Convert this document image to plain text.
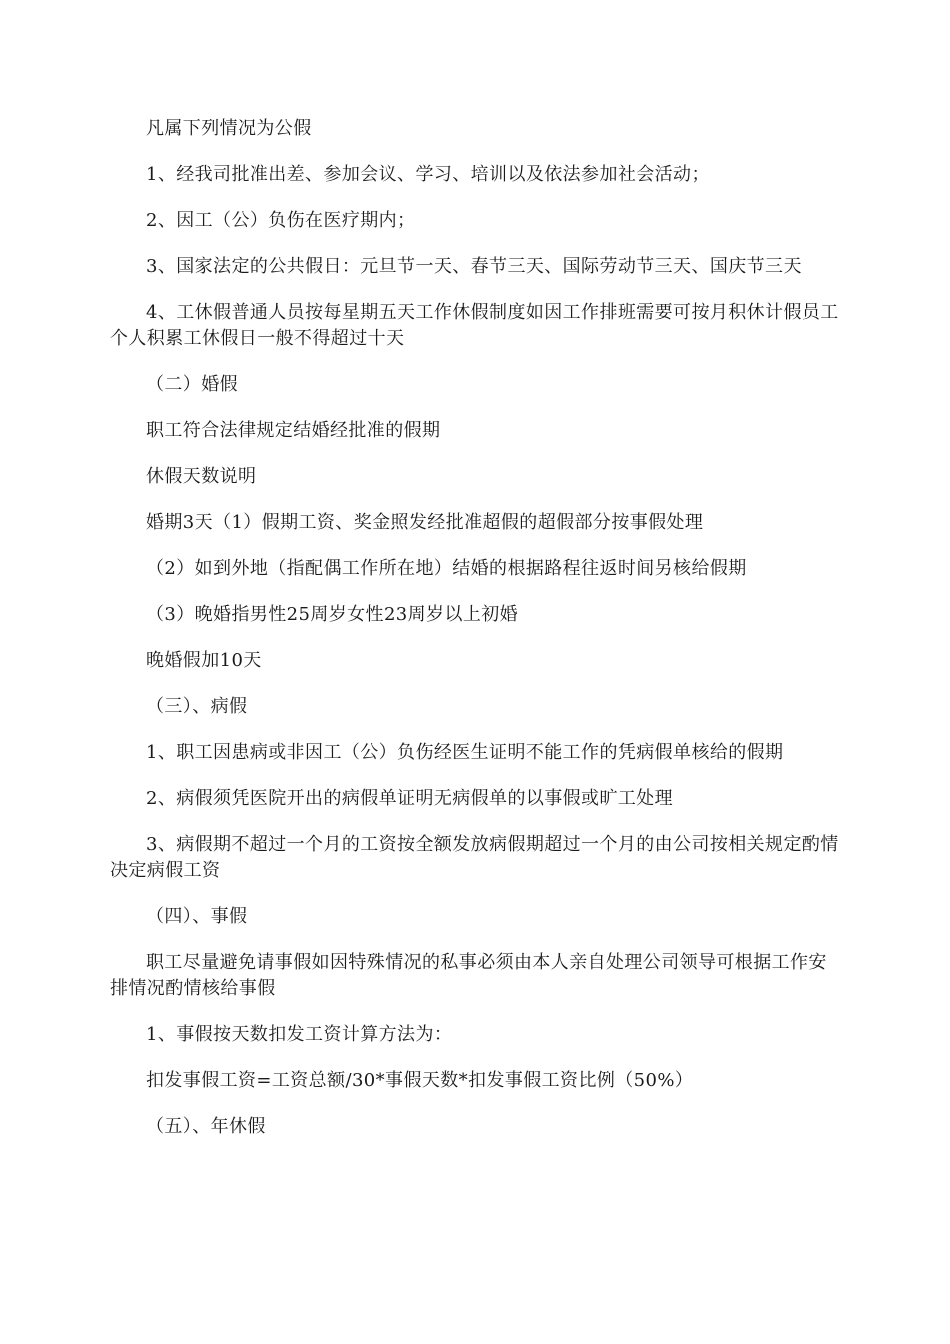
凡属下列情况为公假

1、经我司批准出差、参加会议、学习、培训以及依法参加社会活动；

2、因工（公）负伤在医疗期内；

3、国家法定的公共假日：元旦节一天、春节三天、国际劳动节三天、国庆节三天

4、工休假普通人员按每星期五天工作休假制度如因工作排班需要可按月积休计假员工个人积累工休假日一般不得超过十天

（二）婚假

职工符合法律规定结婚经批准的假期

休假天数说明

婚期3天（1）假期工资、奖金照发经批准超假的超假部分按事假处理

（2）如到外地（指配偶工作所在地）结婚的根据路程往返时间另核给假期

（3）晚婚指男性25周岁女性23周岁以上初婚

晚婚假加10天

（三）、病假

1、职工因患病或非因工（公）负伤经医生证明不能工作的凭病假单核给的假期

2、病假须凭医院开出的病假单证明无病假单的以事假或旷工处理

3、病假期不超过一个月的工资按全额发放病假期超过一个月的由公司按相关规定酌情决定病假工资

（四）、事假

职工尽量避免请事假如因特殊情况的私事必须由本人亲自处理公司领导可根据工作安排情况酌情核给事假

1、事假按天数扣发工资计算方法为：

扣发事假工资=工资总额/30*事假天数*扣发事假工资比例（50%）

（五）、年休假
